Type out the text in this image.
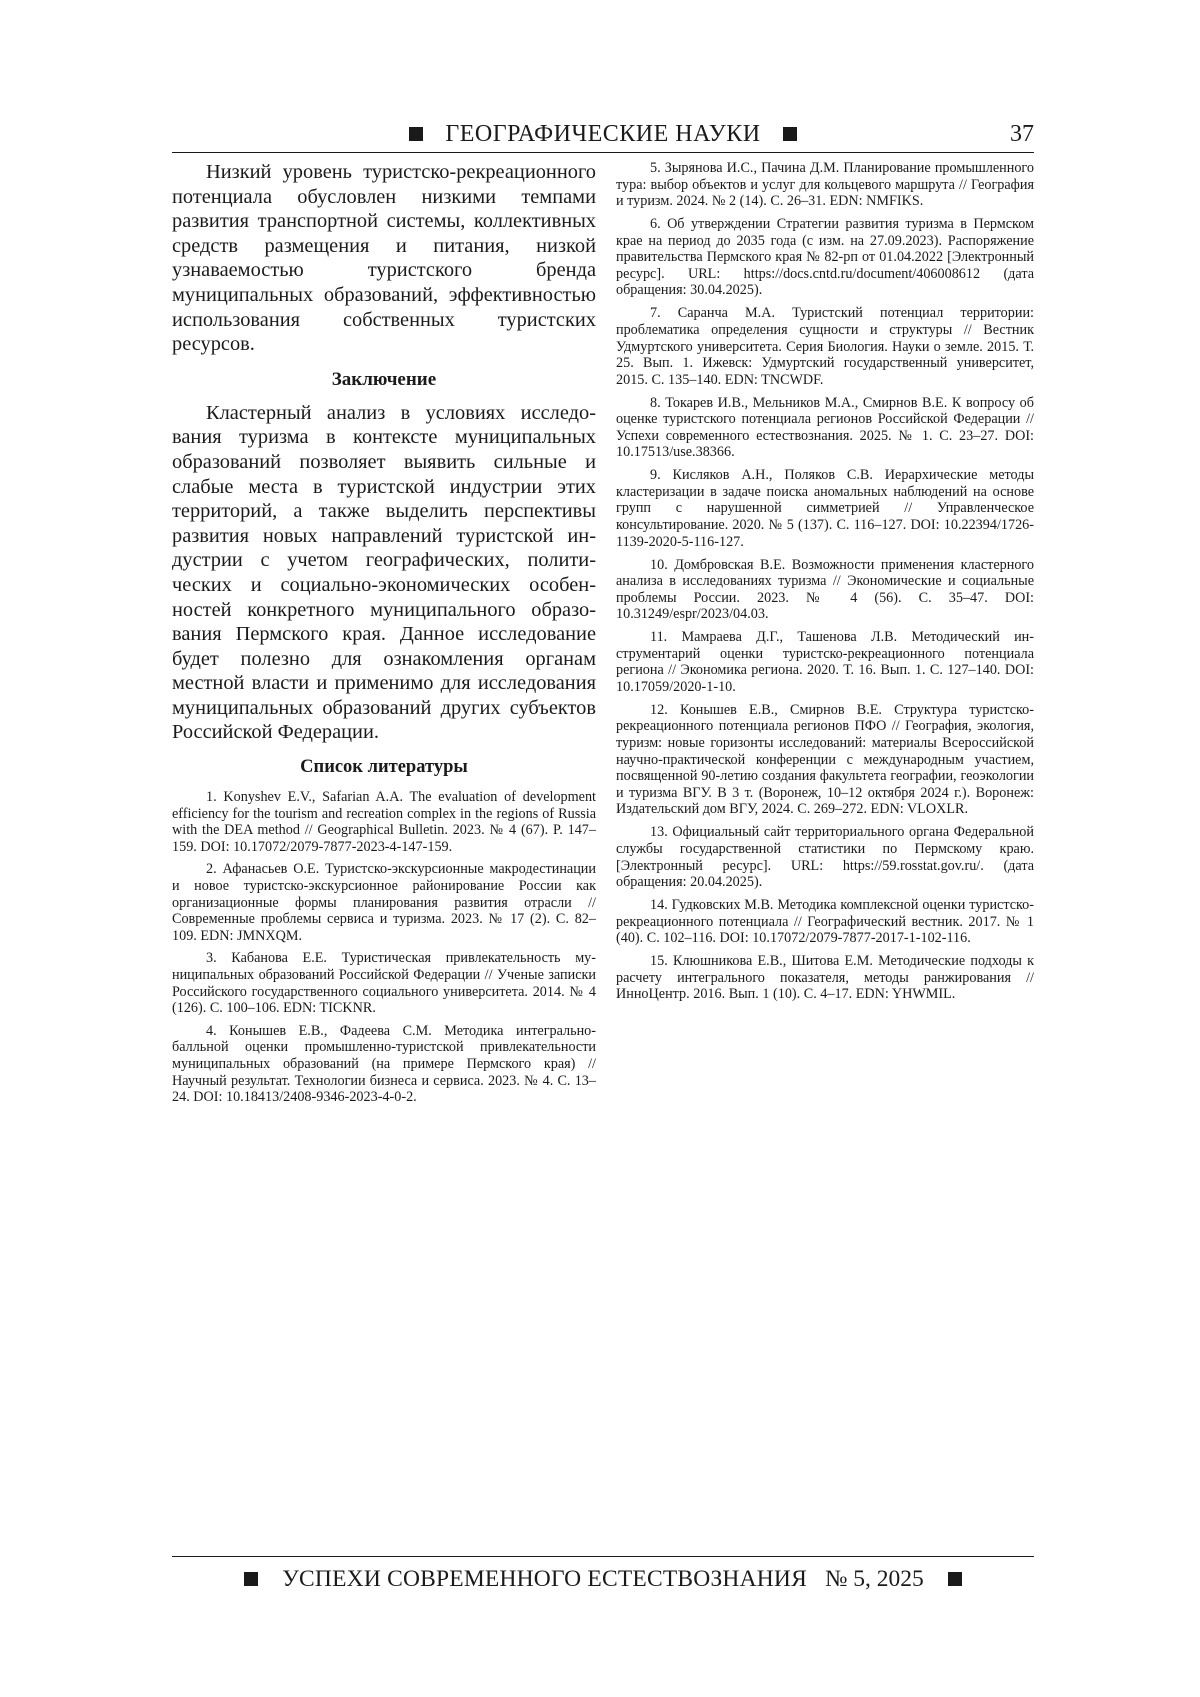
ГЕОГРАФИЧЕСКИЕ НАУКИ	37

Низкий уровень туристско-рекреационного потенциала обусловлен низкими темпами развития транспортной системы, коллективных средств размещения и питания, низкой узнаваемостью туристского бренда муниципальных образований, эффективностью использования собственных туристских ресурсов.

Заключение

Кластерный анализ в условиях исследования туризма в контексте муниципальных образований позволяет выявить сильные и слабые места в туристской индустрии этих территорий, а также выделить перспективы развития новых направлений туристской индустрии с учетом географических, политических и социально-экономических особенностей конкретного муниципального образования Пермского края. Данное исследование будет полезно для ознакомления органам местной власти и применимо для исследования муниципальных образований других субъектов Российской Федерации.

Список литературы

1. Konyshev E.V., Safarian A.A. The evaluation of development efficiency for the tourism and recreation complex in the regions of Russia with the DEA method // Geographical Bulletin. 2023. № 4 (67). P. 147–159. DOI: 10.17072/2079-7877-2023-4-147-159.

2. Афанасьев О.Е. Туристско-экскурсионные макродестинации и новое туристско-экскурсионное районирование России как организационные формы планирования развития отрасли // Современные проблемы сервиса и туризма. 2023. № 17 (2). С. 82–109. EDN: JMNXQM.

3. Кабанова Е.Е. Туристическая привлекательность муниципальных образований Российской Федерации // Ученые записки Российского государственного социального университета. 2014. № 4 (126). С. 100–106. EDN: TICKNR.

4. Конышев Е.В., Фадеева С.М. Методика интегрально-балльной оценки промышленно-туристской привлекательности муниципальных образований (на примере Пермского края) // Научный результат. Технологии бизнеса и сервиса. 2023. № 4. С. 13–24. DOI: 10.18413/2408-9346-2023-4-0-2.

5. Зырянова И.С., Пачина Д.М. Планирование промышленного тура: выбор объектов и услуг для кольцевого маршрута // География и туризм. 2024. № 2 (14). С. 26–31. EDN: NMFIKS.

6. Об утверждении Стратегии развития туризма в Пермском крае на период до 2035 года (с изм. на 27.09.2023). Распоряжение правительства Пермского края № 82-рп от 01.04.2022 [Электронный ресурс]. URL: https://docs.cntd.ru/document/406008612 (дата обращения: 30.04.2025).

7. Саранча М.А. Туристский потенциал территории: проблематика определения сущности и структуры // Вестник Удмуртского университета. Серия Биология. Науки о земле. 2015. Т. 25. Вып. 1. Ижевск: Удмуртский государственный университет, 2015. С. 135–140. EDN: TNCWDF.

8. Токарев И.В., Мельников М.А., Смирнов В.Е. К вопросу об оценке туристского потенциала регионов Российской Федерации // Успехи современного естествознания. 2025. № 1. С. 23–27. DOI: 10.17513/use.38366.

9. Кисляков А.Н., Поляков С.В. Иерархические методы кластеризации в задаче поиска аномальных наблюдений на основе групп с нарушенной симметрией // Управленческое консультирование. 2020. № 5 (137). С. 116–127. DOI: 10.22394/1726-1139-2020-5-116-127.

10. Домбровская В.Е. Возможности применения кластерного анализа в исследованиях туризма // Экономические и социальные проблемы России. 2023. № 4 (56). С. 35–47. DOI: 10.31249/espr/2023/04.03.

11. Мамраева Д.Г., Ташенова Л.В. Методический инструментарий оценки туристско-рекреационного потенциала региона // Экономика региона. 2020. Т. 16. Вып. 1. С. 127–140. DOI: 10.17059/2020-1-10.

12. Конышев Е.В., Смирнов В.Е. Структура туристско-рекреационного потенциала регионов ПФО // География, экология, туризм: новые горизонты исследований: материалы Всероссийской научно-практической конференции с международным участием, посвященной 90-летию создания факультета географии, геоэкологии и туризма ВГУ. В 3 т. (Воронеж, 10–12 октября 2024 г.). Воронеж: Издательский дом ВГУ, 2024. С. 269–272. EDN: VLOXLR.

13. Официальный сайт территориального органа Федеральной службы государственной статистики по Пермскому краю. [Электронный ресурс]. URL: https://59.rosstat.gov.ru/. (дата обращения: 20.04.2025).

14. Гудковских М.В. Методика комплексной оценки туристско-рекреационного потенциала // Географический вестник. 2017. № 1 (40). С. 102–116. DOI: 10.17072/2079-7877-2017-1-102-116.

15. Клюшникова Е.В., Шитова Е.М. Методические подходы к расчету интегрального показателя, методы ранжирования // ИнноЦентр. 2016. Вып. 1 (10). С. 4–17. EDN: YHWMIL.

УСПЕХИ СОВРЕМЕННОГО ЕСТЕСТВОЗНАНИЯ № 5, 2025
